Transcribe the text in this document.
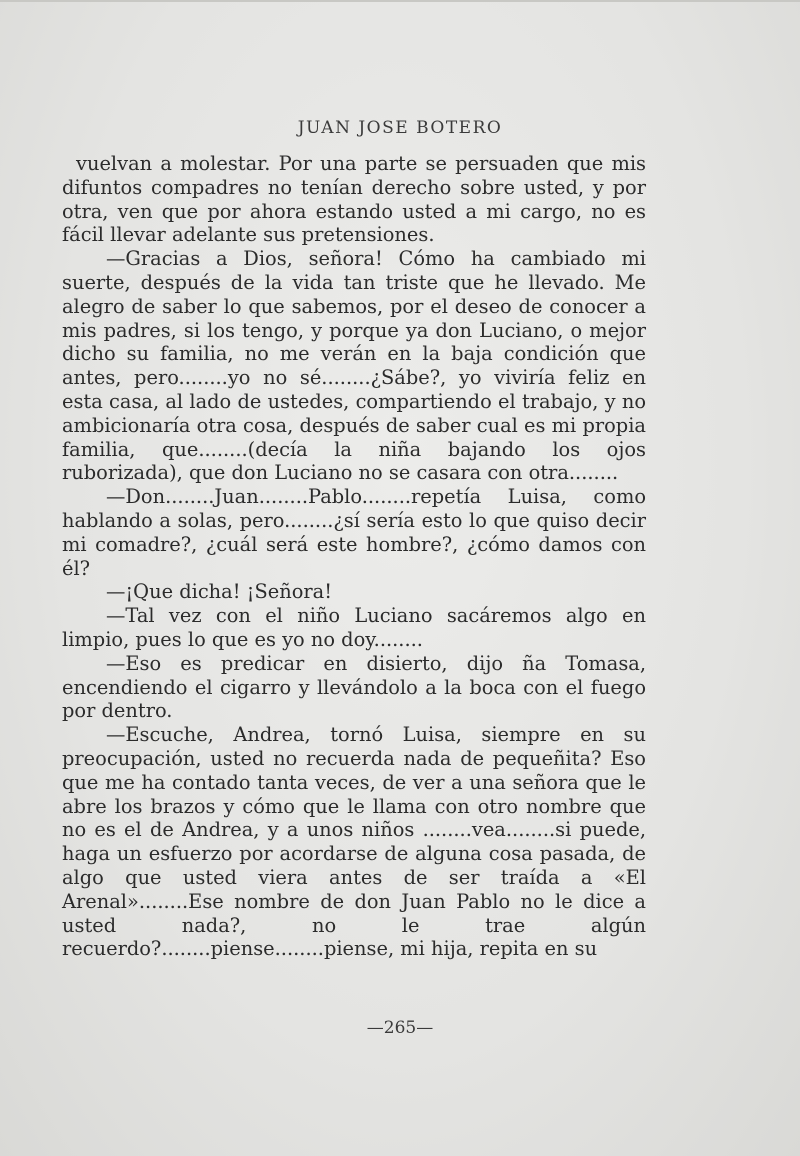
JUAN JOSE BOTERO

vuelvan a molestar. Por una parte se persuaden que mis difuntos compadres no tenían derecho sobre usted, y por otra, ven que por ahora estando usted a mi cargo, no es fácil llevar adelante sus pretensiones.

—Gracias a Dios, señora! Cómo ha cambiado mi suerte, después de la vida tan triste que he llevado. Me alegro de saber lo que sabemos, por el deseo de conocer a mis padres, si los tengo, y porque ya don Luciano, o mejor dicho su familia, no me verán en la baja condición que antes, pero........yo no sé........¿Sábe?, yo viviría feliz en esta casa, al lado de ustedes, compartiendo el trabajo, y no ambicionaría otra cosa, después de saber cual es mi propia familia, que........(decía la niña bajando los ojos ruborizada), que don Luciano no se casara con otra........

—Don........Juan........Pablo........repetía Luisa, como hablando a solas, pero........¿sí sería esto lo que quiso decir mi comadre?, ¿cuál será este hombre?, ¿cómo damos con él?

—¡Que dicha! ¡Señora!

—Tal vez con el niño Luciano sacáremos algo en limpio, pues lo que es yo no doy........

—Eso es predicar en disierto, dijo ña Tomasa, encendiendo el cigarro y llevándolo a la boca con el fuego por dentro.

—Escuche, Andrea, tornó Luisa, siempre en su preocupación, usted no recuerda nada de pequeñita? Eso que me ha contado tanta veces, de ver a una señora que le abre los brazos y cómo que le llama con otro nombre que no es el de Andrea, y a unos niños ........vea........si puede, haga un esfuerzo por acordarse de alguna cosa pasada, de algo que usted viera antes de ser traída a «El Arenal»........Ese nombre de don Juan Pablo no le dice a usted nada?, no le trae algún recuerdo?........piense........piense, mi hija, repita en su

—265—
